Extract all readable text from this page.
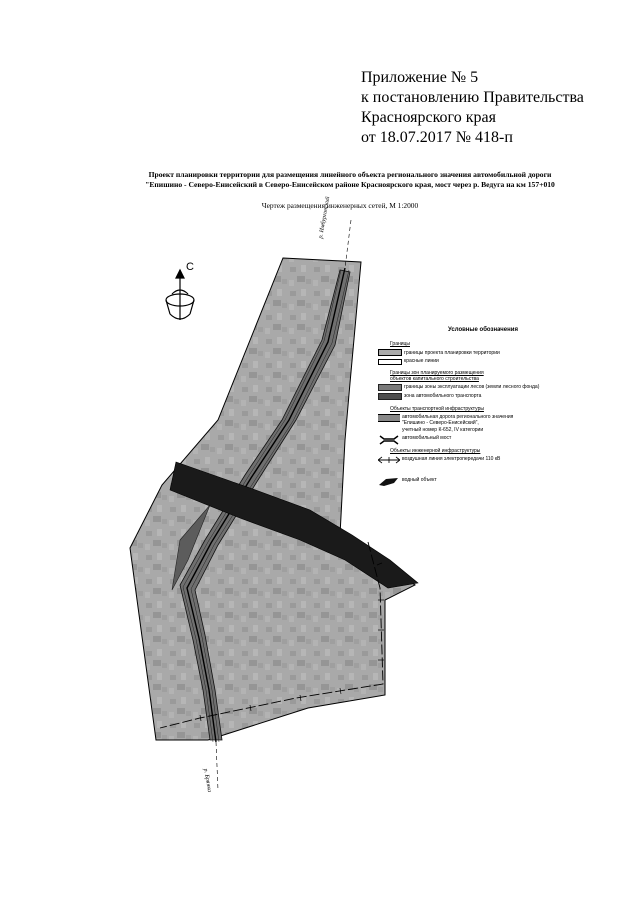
Приложение № 5
к постановлению Правительства
Красноярского края
от 18.07.2017 № 418-п
Проект планировки территории для размещения линейного объекта регионального значения автомобильной дороги
"Епишино - Северо-Енисейский в Северо-Енисейском районе Красноярского края, мост через р. Ведуга на км 157+010
Чертеж размещения инженерных сетей, М 1:2000
С
р. Имбургинский
р. Брянка
Условные обозначения
Границы
границы проекта планировки территории
красные линии
Границы зон планируемого размещения
объектов капитального строительства
границы зоны эксплуатации лесов (земли лесного фонда)
зона автомобильного транспорта
Объекты транспортной инфраструктуры
автомобильная дорога регионального значения
"Епишино - Северо-Енисейский",
учетный номер К-652, IV категории
автомобильный мост
Объекты инженерной инфраструктуры
воздушная линия электропередачи 110 кВ
водный объект
